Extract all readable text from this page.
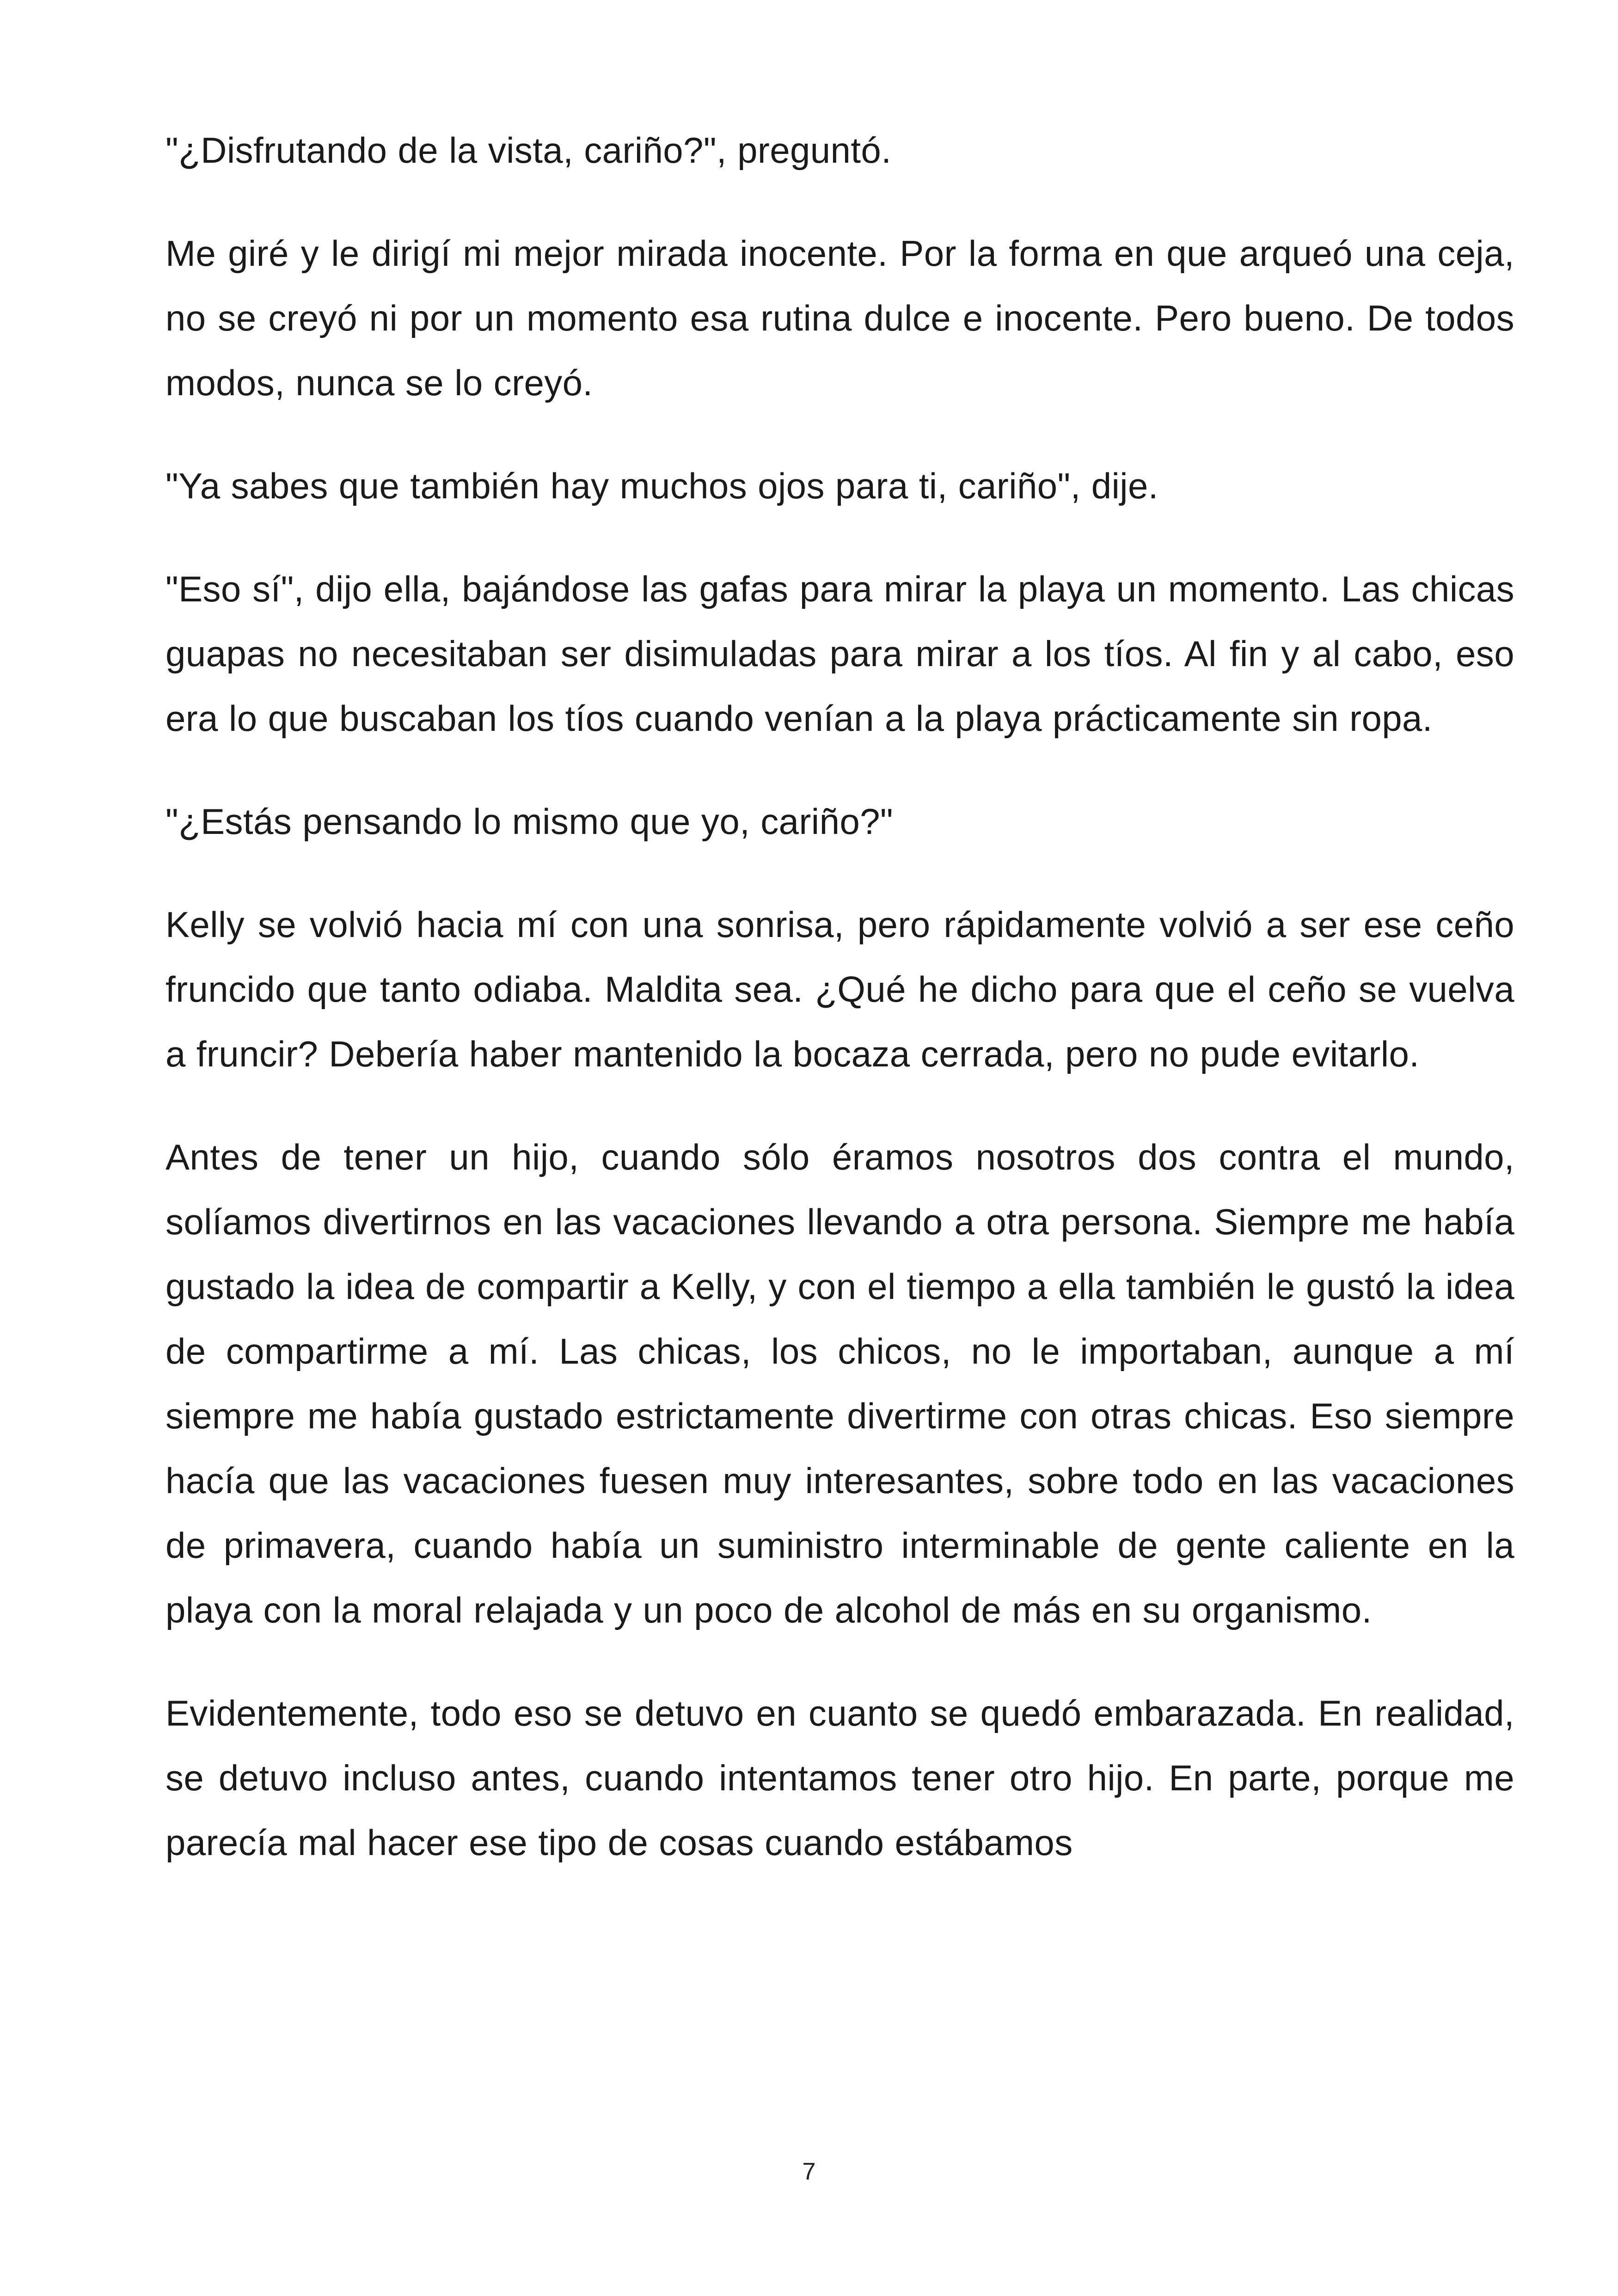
"¿Disfrutando de la vista, cariño?", preguntó.

Me giré y le dirigí mi mejor mirada inocente. Por la forma en que arqueó una ceja, no se creyó ni por un momento esa rutina dulce e inocente. Pero bueno. De todos modos, nunca se lo creyó.

"Ya sabes que también hay muchos ojos para ti, cariño", dije.

"Eso sí", dijo ella, bajándose las gafas para mirar la playa un momento. Las chicas guapas no necesitaban ser disimuladas para mirar a los tíos. Al fin y al cabo, eso era lo que buscaban los tíos cuando venían a la playa prácticamente sin ropa.

"¿Estás pensando lo mismo que yo, cariño?"

Kelly se volvió hacia mí con una sonrisa, pero rápidamente volvió a ser ese ceño fruncido que tanto odiaba. Maldita sea. ¿Qué he dicho para que el ceño se vuelva a fruncir? Debería haber mantenido la bocaza cerrada, pero no pude evitarlo.

Antes de tener un hijo, cuando sólo éramos nosotros dos contra el mundo, solíamos divertirnos en las vacaciones llevando a otra persona. Siempre me había gustado la idea de compartir a Kelly, y con el tiempo a ella también le gustó la idea de compartirme a mí. Las chicas, los chicos, no le importaban, aunque a mí siempre me había gustado estrictamente divertirme con otras chicas. Eso siempre hacía que las vacaciones fuesen muy interesantes, sobre todo en las vacaciones de primavera, cuando había un suministro interminable de gente caliente en la playa con la moral relajada y un poco de alcohol de más en su organismo.

Evidentemente, todo eso se detuvo en cuanto se quedó embarazada. En realidad, se detuvo incluso antes, cuando intentamos tener otro hijo. En parte, porque me parecía mal hacer ese tipo de cosas cuando estábamos

7
